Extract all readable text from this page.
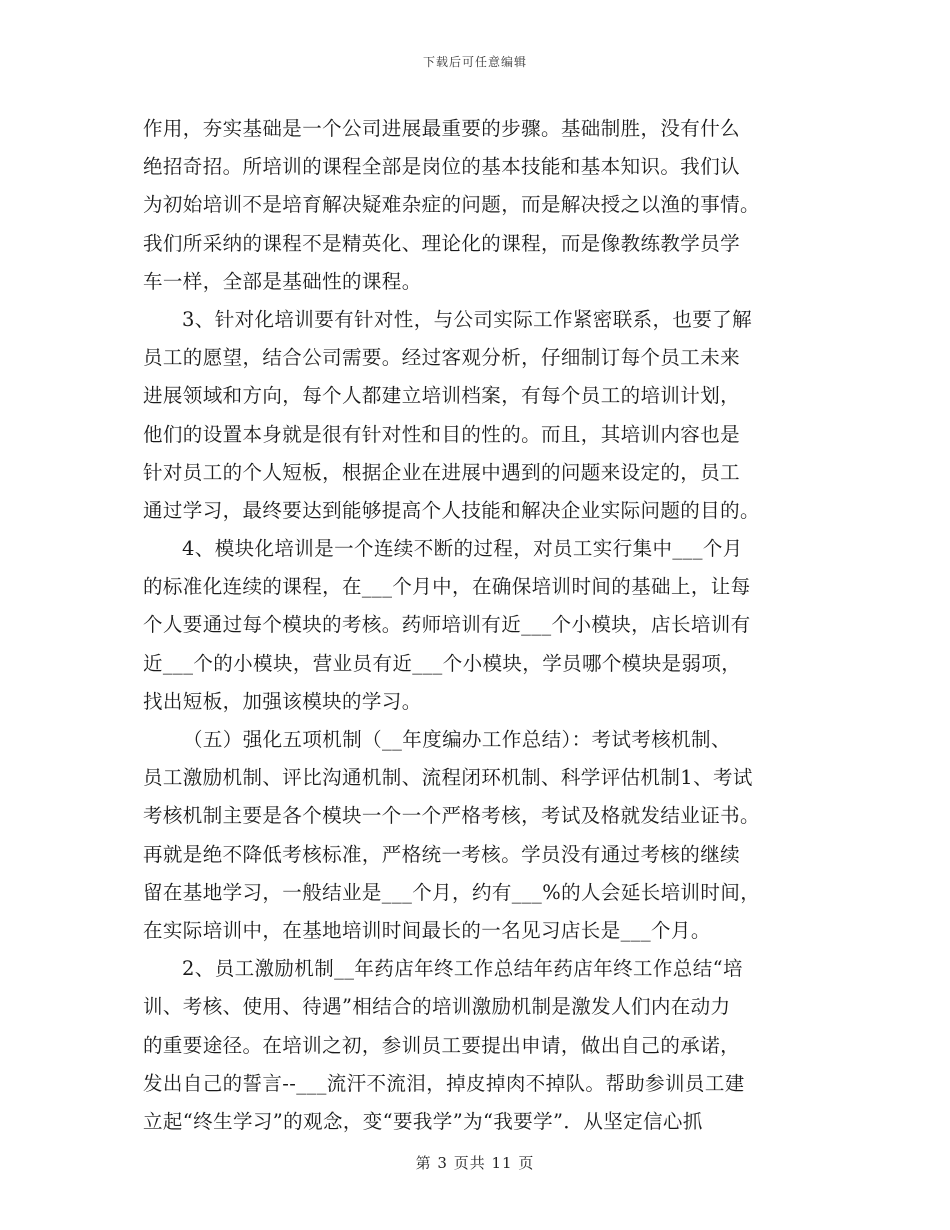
下载后可任意编辑
作用，夯实基础是一个公司进展最重要的步骤。基础制胜，没有什么
绝招奇招。所培训的课程全部是岗位的基本技能和基本知识。我们认
为初始培训不是培育解决疑难杂症的问题，而是解决授之以渔的事情。
我们所采纳的课程不是精英化、理论化的课程，而是像教练教学员学
车一样，全部是基础性的课程。
3、针对化培训要有针对性，与公司实际工作紧密联系，也要了解
员工的愿望，结合公司需要。经过客观分析，仔细制订每个员工未来
进展领域和方向，每个人都建立培训档案，有每个员工的培训计划，
他们的设置本身就是很有针对性和目的性的。而且，其培训内容也是
针对员工的个人短板，根据企业在进展中遇到的问题来设定的，员工
通过学习，最终要达到能够提高个人技能和解决企业实际问题的目的。
4、模块化培训是一个连续不断的过程，对员工实行集中___个月
的标准化连续的课程，在___个月中，在确保培训时间的基础上，让每
个人要通过每个模块的考核。药师培训有近___个小模块，店长培训有
近___个的小模块，营业员有近___个小模块，学员哪个模块是弱项，
找出短板，加强该模块的学习。
（五）强化五项机制（__年度编办工作总结）：考试考核机制、
员工激励机制、评比沟通机制、流程闭环机制、科学评估机制1、考试
考核机制主要是各个模块一个一个严格考核，考试及格就发结业证书。
再就是绝不降低考核标准，严格统一考核。学员没有通过考核的继续
留在基地学习，一般结业是___个月，约有___%的人会延长培训时间，
在实际培训中，在基地培训时间最长的一名见习店长是___个月。
2、员工激励机制__年药店年终工作总结年药店年终工作总结“培
训、考核、使用、待遇”相结合的培训激励机制是激发人们内在动力
的重要途径。在培训之初，参训员工要提出申请，做出自己的承诺，
发出自己的誓言--___流汗不流泪，掉皮掉肉不掉队。帮助参训员工建
立起“终生学习”的观念，变“要我学”为“我要学”．从坚定信心抓
第 3 页共 11 页
